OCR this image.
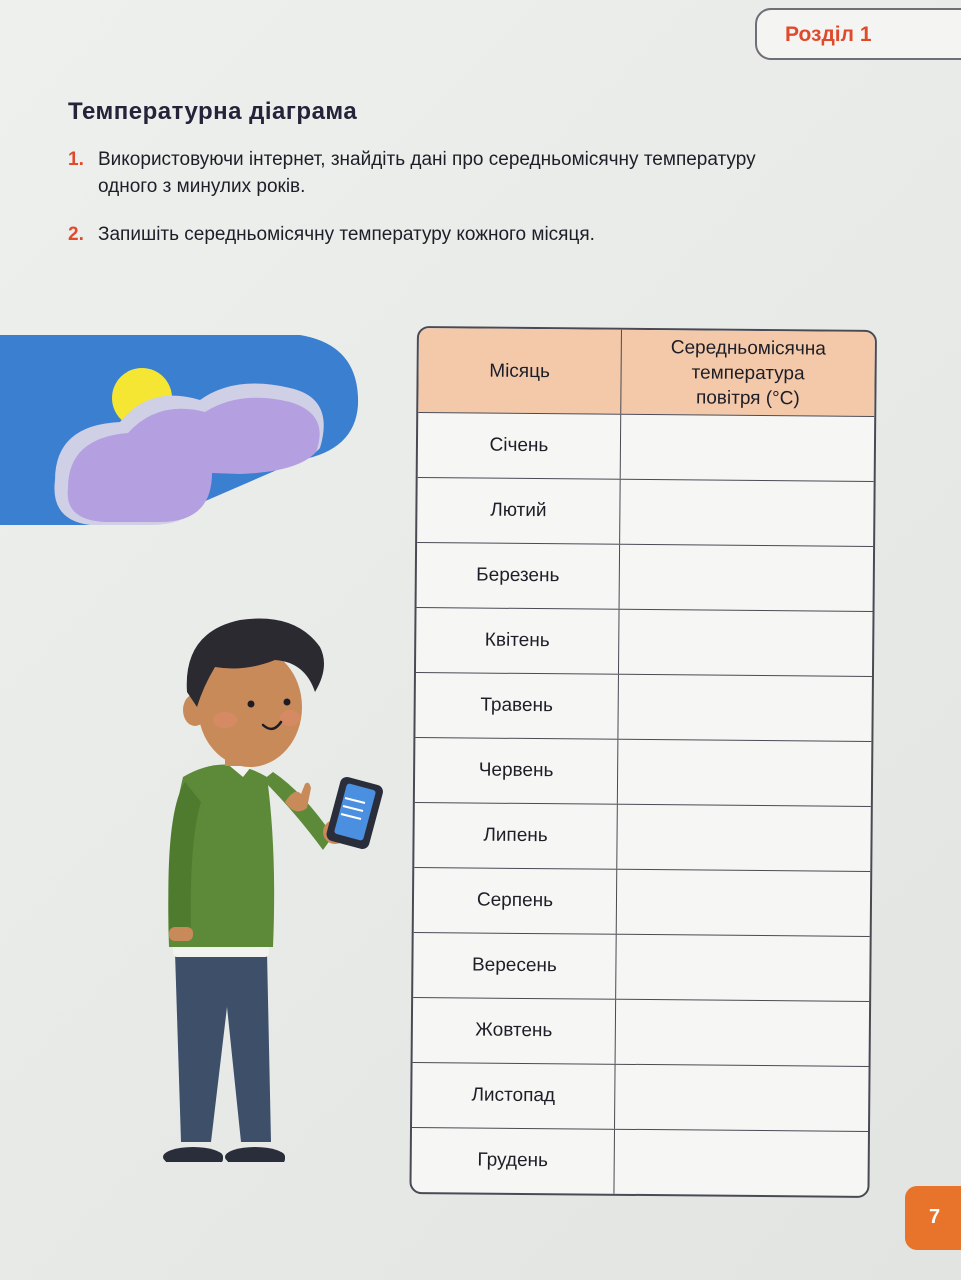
Розділ 1
Температурна діаграма
1. Використовуючи інтернет, знайдіть дані про середньомісячну температуру
одного з минулих років.
2. Запишіть середньомісячну температуру кожного місяця.
Місяць
Середньомісячна
температура
повітря (°C)
Січень
Лютий
Березень
Квітень
Травень
Червень
Липень
Серпень
Вересень
Жовтень
Листопад
Грудень
7
